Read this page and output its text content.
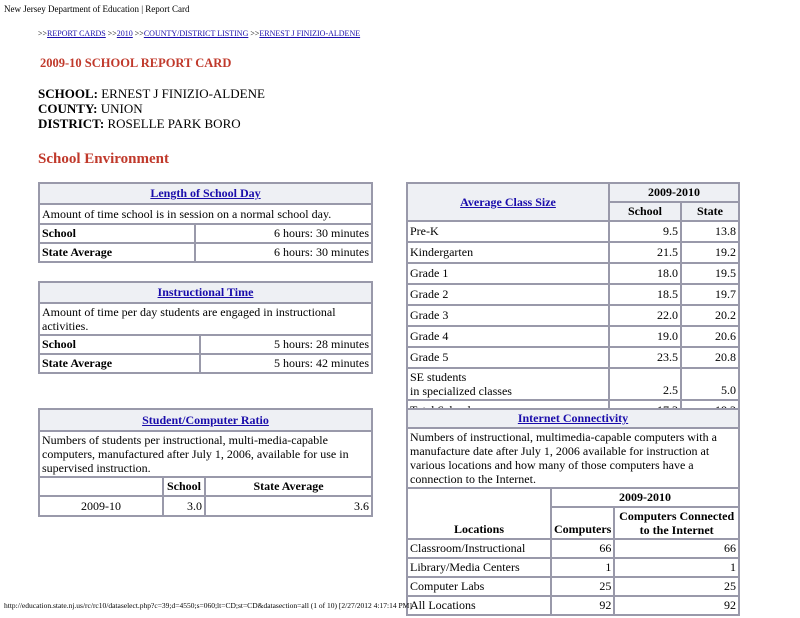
New Jersey Department of Education | Report Card
>>REPORT CARDS >>2010 >>COUNTY/DISTRICT LISTING >>ERNEST J FINIZIO-ALDENE
2009-10 SCHOOL REPORT CARD
SCHOOL: ERNEST J FINIZIO-ALDENE
COUNTY: UNION
DISTRICT: ROSELLE PARK BORO
School Environment
Length of School Day	
Amount of time school is in session on a normal school day.	
School	6 hours: 30 minutes
State Average	6 hours: 30 minutes
Instructional Time	
Amount of time per day students are engaged in instructional activities.	
School	5 hours: 28 minutes
State Average	5 hours: 42 minutes
Student/Computer Ratio		
Numbers of students per instructional, multi-media-capable computers, manufactured after July 1, 2006, available for use in supervised instruction.		
	School	State Average
2009-10	3.0	3.6
Average Class Size	2009-2010	
	School	State
Pre-K	9.5	13.8
Kindergarten	21.5	19.2
Grade 1	18.0	19.5
Grade 2	18.5	19.7
Grade 3	22.0	20.2
Grade 4	19.0	20.6
Grade 5	23.5	20.8
SE students
in specialized classes	2.5	5.0

Internet Connectivity		
Numbers of instructional, multimedia-capable computers with a manufacture date after July 1, 2006 available for instruction at various locations and how many of those computers have a connection to the Internet.		
Locations	2009-2010	
	Computers	Computers Connected to the Internet
Classroom/Instructional	66	66
Library/Media Centers	1	1
Computer Labs	25	25
All Locations	92	92
http://education.state.nj.us/rc/rc10/dataselect.php?c=39;d=4550;s=060;lt=CD;st=CD&datasection=all (1 of 10) [2/27/2012 4:17:14 PM]
